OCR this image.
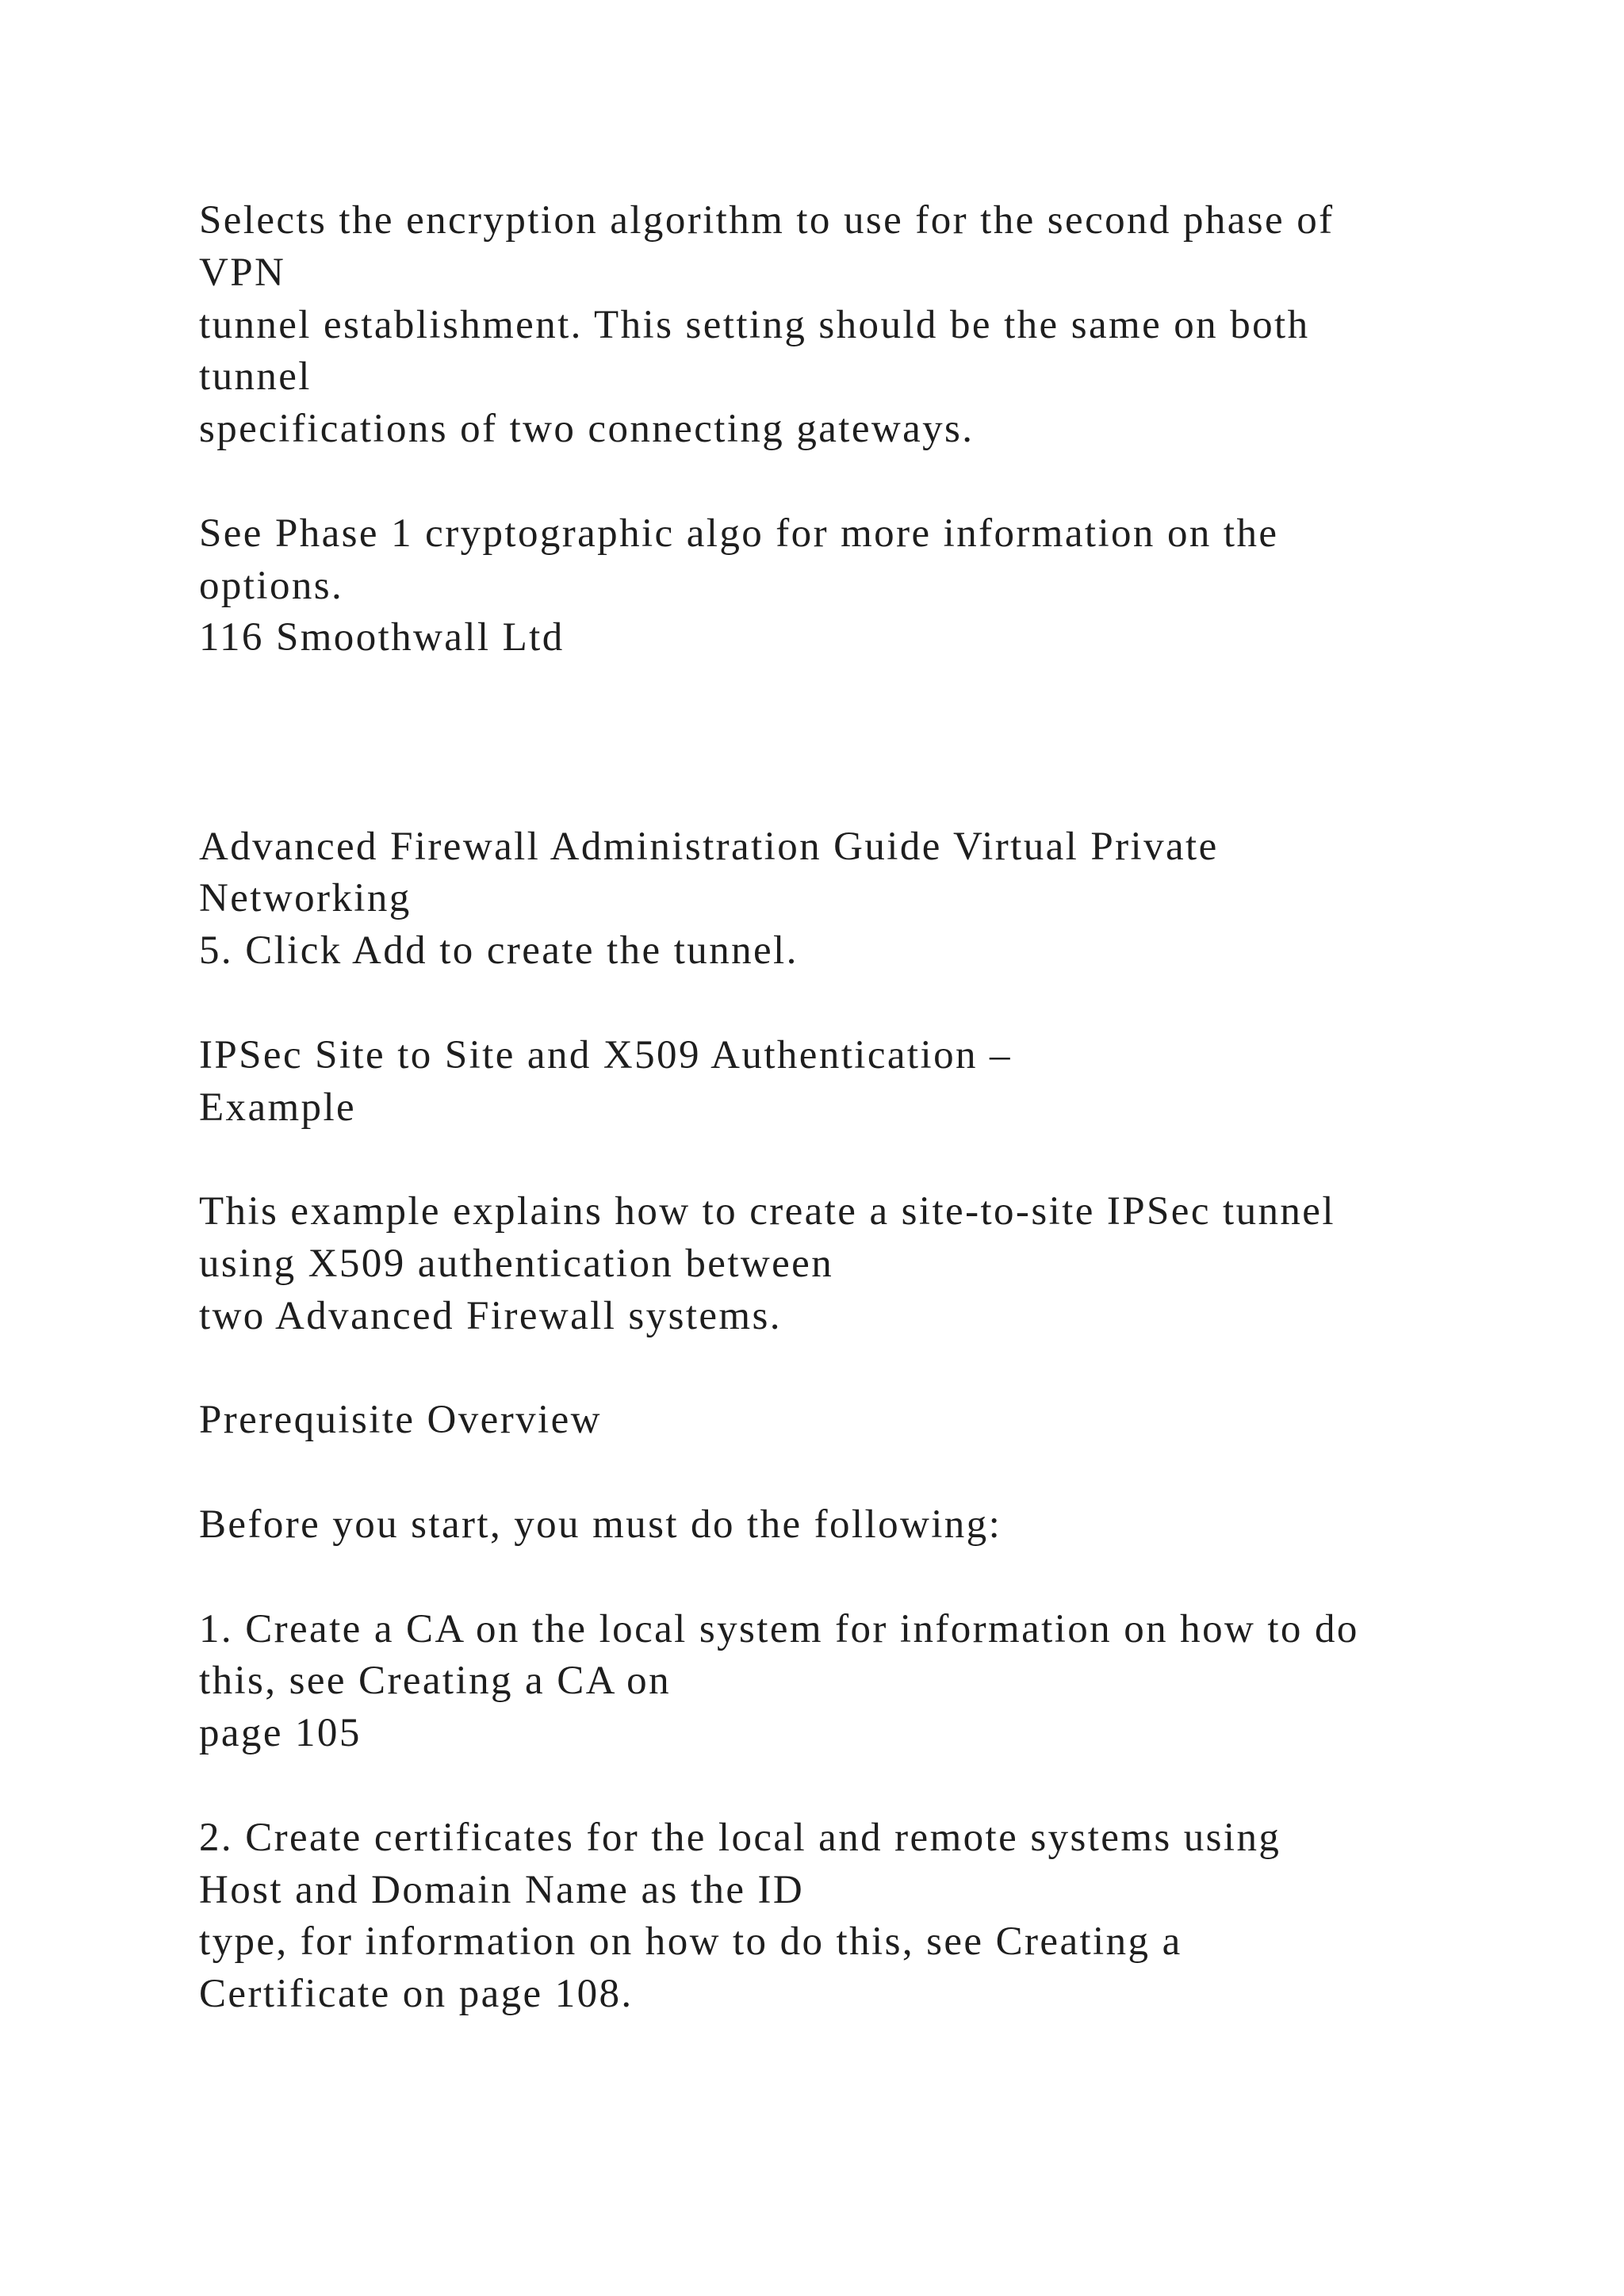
Selects the encryption algorithm to use for the second phase of
VPN
tunnel establishment. This setting should be the same on both
tunnel
specifications of two connecting gateways.
See Phase 1 cryptographic algo for more information on the
options.
116 Smoothwall Ltd
Advanced Firewall Administration Guide Virtual Private
Networking
5. Click Add to create the tunnel.
IPSec Site to Site and X509 Authentication –
Example
This example explains how to create a site-to-site IPSec tunnel
using X509 authentication between
two Advanced Firewall systems.
Prerequisite Overview
Before you start, you must do the following:
1. Create a CA on the local system for information on how to do
this, see Creating a CA on
page 105
2. Create certificates for the local and remote systems using
Host and Domain Name as the ID
type, for information on how to do this, see Creating a
Certificate on page 108.
